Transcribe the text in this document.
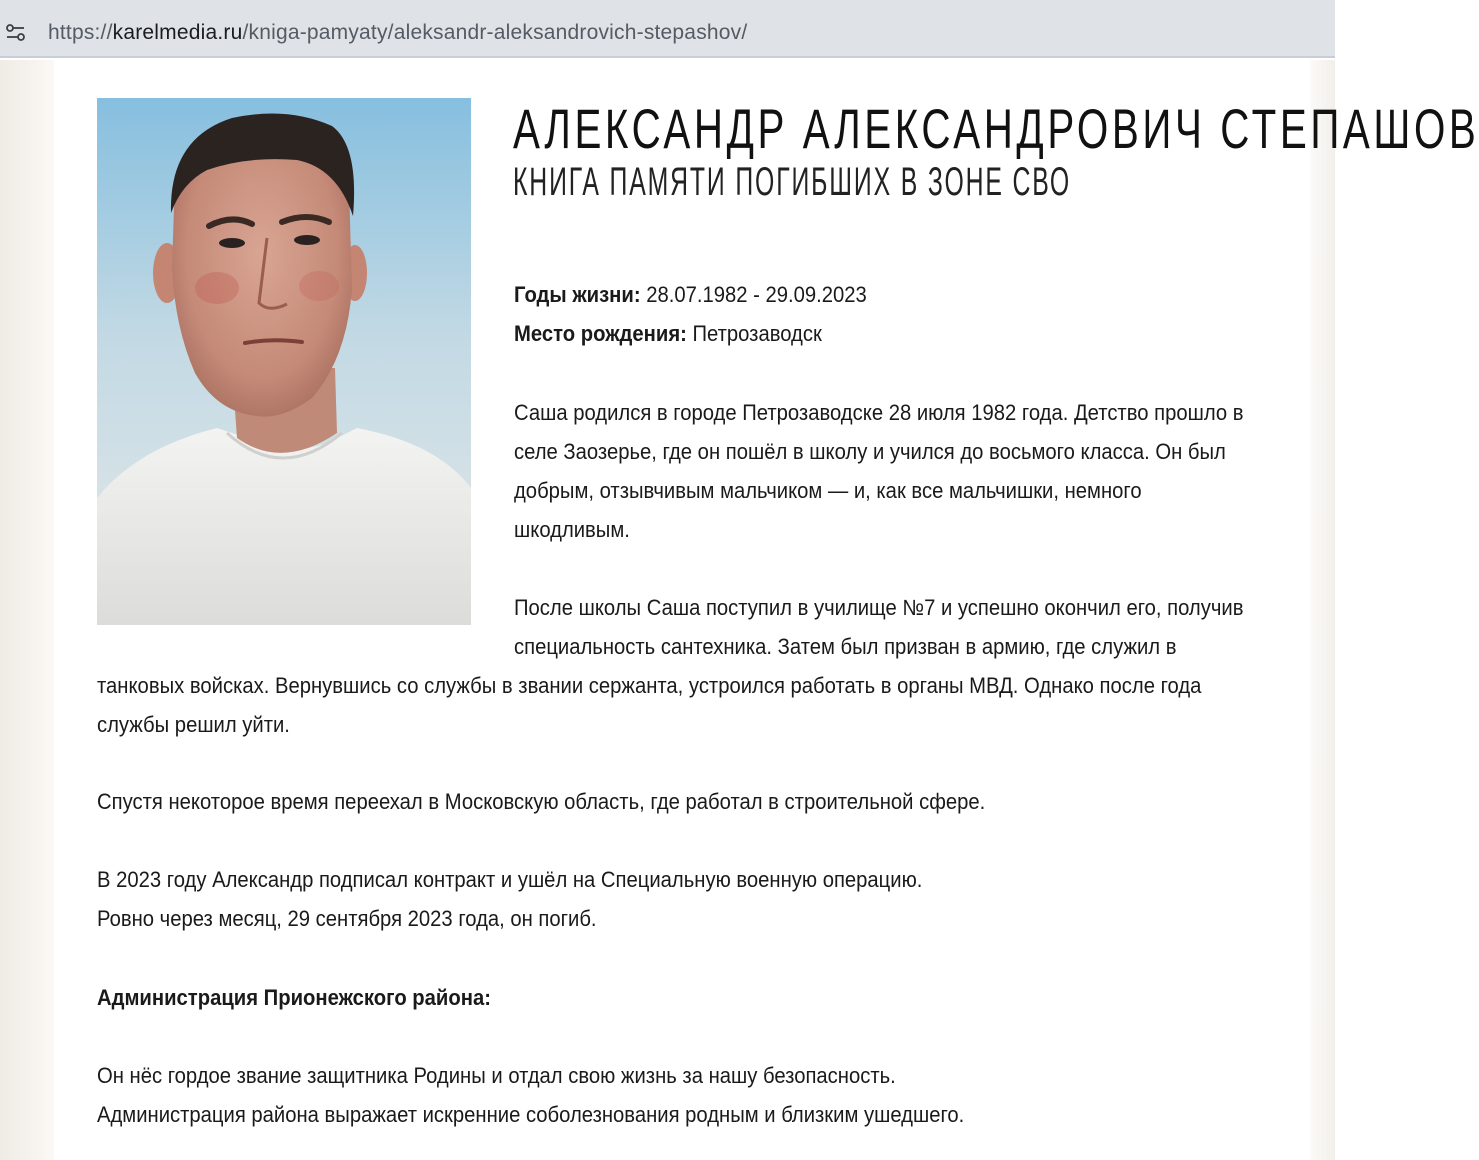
https://karelmedia.ru/kniga-pamyaty/aleksandr-aleksandrovich-stepashov/
АЛЕКСАНДР АЛЕКСАНДРОВИЧ СТЕПАШОВ
КНИГА ПАМЯТИ ПОГИБШИХ В ЗОНЕ СВО
Годы жизни: 28.07.1982 - 29.09.2023
Место рождения: Петрозаводск
Саша родился в городе Петрозаводске 28 июля 1982 года. Детство прошло в
селе Заозерье, где он пошёл в школу и учился до восьмого класса. Он был
добрым, отзывчивым мальчиком — и, как все мальчишки, немного
шкодливым.
После школы Саша поступил в училище №7 и успешно окончил его, получив
специальность сантехника. Затем был призван в армию, где служил в
танковых войсках. Вернувшись со службы в звании сержанта, устроился работать в органы МВД. Однако после года
службы решил уйти.
Спустя некоторое время переехал в Московскую область, где работал в строительной сфере.
В 2023 году Александр подписал контракт и ушёл на Специальную военную операцию.
Ровно через месяц, 29 сентября 2023 года, он погиб.
Администрация Прионежского района:
Он нёс гордое звание защитника Родины и отдал свою жизнь за нашу безопасность.
Администрация района выражает искренние соболезнования родным и близким ушедшего.
